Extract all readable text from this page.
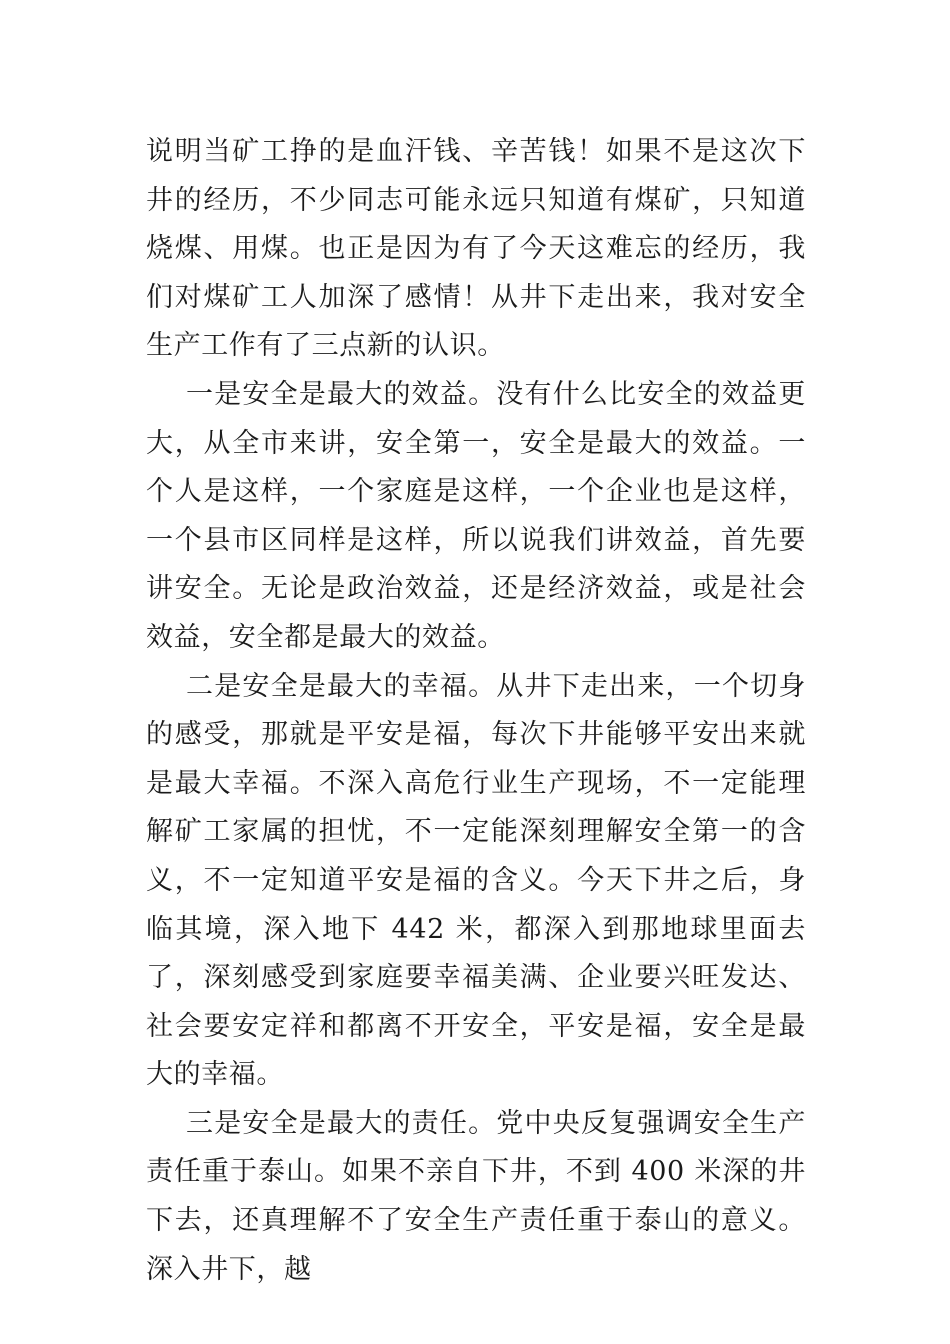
说明当矿工挣的是血汗钱、辛苦钱！如果不是这次下井的经历，不少同志可能永远只知道有煤矿，只知道烧煤、用煤。也正是因为有了今天这难忘的经历，我们对煤矿工人加深了感情！从井下走出来，我对安全生产工作有了三点新的认识。

一是安全是最大的效益。没有什么比安全的效益更大，从全市来讲，安全第一，安全是最大的效益。一个人是这样，一个家庭是这样，一个企业也是这样，一个县市区同样是这样，所以说我们讲效益，首先要讲安全。无论是政治效益，还是经济效益，或是社会效益，安全都是最大的效益。

二是安全是最大的幸福。从井下走出来，一个切身的感受，那就是平安是福，每次下井能够平安出来就是最大幸福。不深入高危行业生产现场，不一定能理解矿工家属的担忧，不一定能深刻理解安全第一的含义，不一定知道平安是福的含义。今天下井之后，身临其境，深入地下 442 米，都深入到那地球里面去了，深刻感受到家庭要幸福美满、企业要兴旺发达、社会要安定祥和都离不开安全，平安是福，安全是最大的幸福。

三是安全是最大的责任。党中央反复强调安全生产责任重于泰山。如果不亲自下井，不到 400 米深的井下去，还真理解不了安全生产责任重于泰山的意义。深入井下，越
